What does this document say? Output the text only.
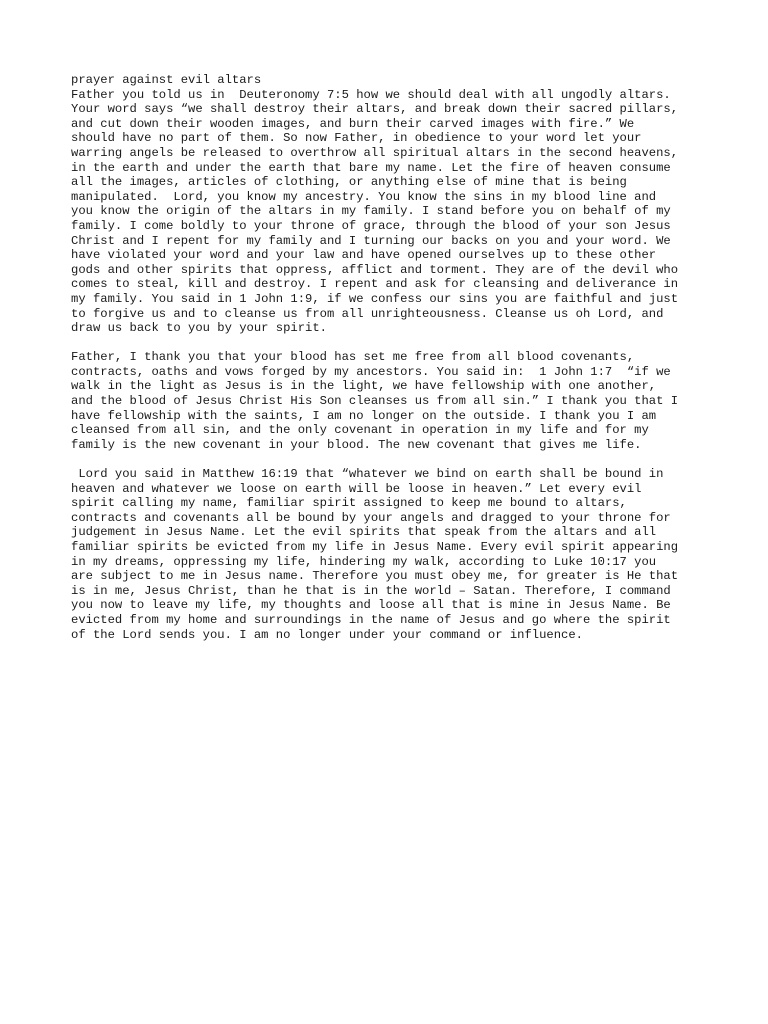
prayer against evil altars

Father you told us in  Deuteronomy 7:5 how we should deal with all ungodly altars.

Your word says “we shall destroy their altars, and break down their sacred pillars,

and cut down their wooden images, and burn their carved images with fire.” We

should have no part of them. So now Father, in obedience to your word let your

warring angels be released to overthrow all spiritual altars in the second heavens,

in the earth and under the earth that bare my name. Let the fire of heaven consume

all the images, articles of clothing, or anything else of mine that is being

manipulated.  Lord, you know my ancestry. You know the sins in my blood line and

you know the origin of the altars in my family. I stand before you on behalf of my

family. I come boldly to your throne of grace, through the blood of your son Jesus

Christ and I repent for my family and I turning our backs on you and your word. We

have violated your word and your law and have opened ourselves up to these other

gods and other spirits that oppress, afflict and torment. They are of the devil who

comes to steal, kill and destroy. I repent and ask for cleansing and deliverance in

my family. You said in 1 John 1:9, if we confess our sins you are faithful and just

to forgive us and to cleanse us from all unrighteousness. Cleanse us oh Lord, and

draw us back to you by your spirit.

Father, I thank you that your blood has set me free from all blood covenants,

contracts, oaths and vows forged by my ancestors. You said in:  1 John 1:7  “if we

walk in the light as Jesus is in the light, we have fellowship with one another,

and the blood of Jesus Christ His Son cleanses us from all sin.” I thank you that I

have fellowship with the saints, I am no longer on the outside. I thank you I am

cleansed from all sin, and the only covenant in operation in my life and for my

family is the new covenant in your blood. The new covenant that gives me life.

Lord you said in Matthew 16:19 that “whatever we bind on earth shall be bound in

heaven and whatever we loose on earth will be loose in heaven.” Let every evil

spirit calling my name, familiar spirit assigned to keep me bound to altars,

contracts and covenants all be bound by your angels and dragged to your throne for

judgement in Jesus Name. Let the evil spirits that speak from the altars and all

familiar spirits be evicted from my life in Jesus Name. Every evil spirit appearing

in my dreams, oppressing my life, hindering my walk, according to Luke 10:17 you

are subject to me in Jesus name. Therefore you must obey me, for greater is He that

is in me, Jesus Christ, than he that is in the world – Satan. Therefore, I command

you now to leave my life, my thoughts and loose all that is mine in Jesus Name. Be

evicted from my home and surroundings in the name of Jesus and go where the spirit

of the Lord sends you. I am no longer under your command or influence.
